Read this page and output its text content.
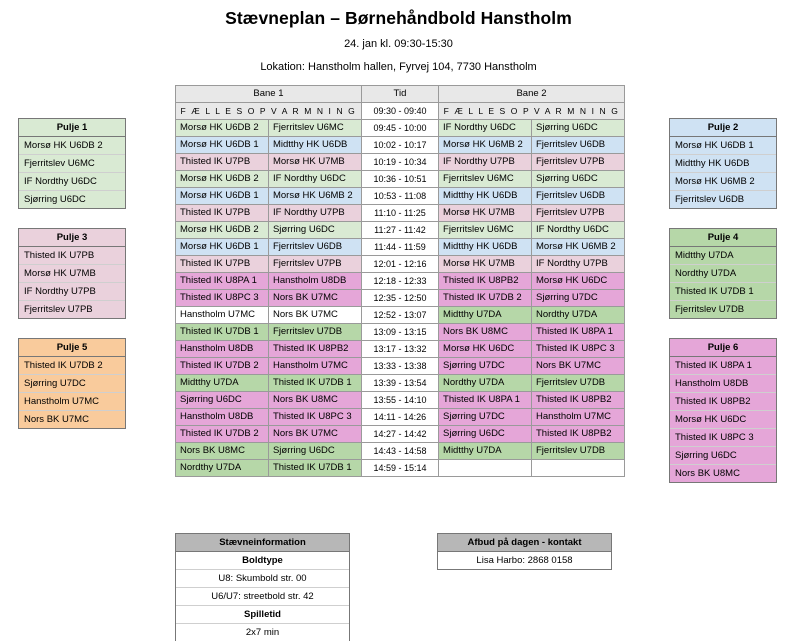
Stævneplan – Børnehåndbold Hanstholm
24. jan kl. 09:30-15:30
Lokation: Hanstholm hallen, Fyrvej 104, 7730 Hanstholm
Bane 1		Tid	Bane 2	
F Æ L L E S O P V A R M N I N G		09:30 - 09:40	F Æ L L E S O P V A R M N I N G	
Morsø HK U6DB 2	Fjerritslev U6MC	09:45 - 10:00	IF Nordthy U6DC	Sjørring U6DC
Morsø HK U6DB 1	Midtthy HK U6DB	10:02 - 10:17	Morsø HK U6MB 2	Fjerritslev U6DB
Thisted IK U7PB	Morsø HK U7MB	10:19 - 10:34	IF Nordthy U7PB	Fjerritslev U7PB
Morsø HK U6DB 2	IF Nordthy U6DC	10:36 - 10:51	Fjerritslev U6MC	Sjørring U6DC
Morsø HK U6DB 1	Morsø HK U6MB 2	10:53 - 11:08	Midtthy HK U6DB	Fjerritslev U6DB
Thisted IK U7PB	IF Nordthy U7PB	11:10 - 11:25	Morsø HK U7MB	Fjerritslev U7PB
Morsø HK U6DB 2	Sjørring U6DC	11:27 - 11:42	Fjerritslev U6MC	IF Nordthy U6DC
Morsø HK U6DB 1	Fjerritslev U6DB	11:44 - 11:59	Midtthy HK U6DB	Morsø HK U6MB 2
Thisted IK U7PB	Fjerritslev U7PB	12:01 - 12:16	Morsø HK U7MB	IF Nordthy U7PB
Thisted IK U8PA 1	Hanstholm U8DB	12:18 - 12:33	Thisted IK U8PB2	Morsø HK U6DC
Thisted IK U8PC 3	Nors BK U7MC	12:35 - 12:50	Thisted IK U7DB 2	Sjørring U7DC
Hanstholm U7MC	Nors BK U7MC	12:52 - 13:07	Midtthy U7DA	Nordthy U7DA
Thisted IK U7DB 1	Fjerritslev U7DB	13:09 - 13:15	Nors BK U8MC	Thisted IK U8PA 1
Hanstholm U8DB	Thisted IK U8PB2	13:17 - 13:32	Morsø HK U6DC	Thisted IK U8PC 3
Thisted IK U7DB 2	Hanstholm U7MC	13:33 - 13:38	Sjørring U7DC	Nors BK U7MC
Midtthy U7DA	Thisted IK U7DB 1	13:39 - 13:54	Nordthy U7DA	Fjerritslev U7DB
Sjørring U6DC	Nors BK U8MC	13:55 - 14:10	Thisted IK U8PA 1	Thisted IK U8PB2
Hanstholm U8DB	Thisted IK U8PC 3	14:11 - 14:26	Sjørring U7DC	Hanstholm U7MC
Thisted IK U7DB 2	Nors BK U7MC	14:27 - 14:42	Sjørring U6DC	Thisted IK U8PB2
Nors BK U8MC	Sjørring U6DC	14:43 - 14:58	Midtthy U7DA	Fjerritslev U7DB
Nordthy U7DA	Thisted IK U7DB 1	14:59 - 15:14		
Pulje 1
Morsø HK U6DB 2
Fjerritslev U6MC
IF Nordthy U6DC
Sjørring U6DC
Pulje 3
Thisted IK U7PB
Morsø HK U7MB
IF Nordthy U7PB
Fjerritslev U7PB
Pulje 5
Thisted IK U7DB 2
Sjørring U7DC
Hanstholm U7MC
Nors BK U7MC
Pulje 2
Morsø HK U6DB 1
Midtthy HK U6DB
Morsø HK U6MB 2
Fjerritslev U6DB
Pulje 4
Midtthy U7DA
Nordthy U7DA
Thisted IK U7DB 1
Fjerritslev U7DB
Pulje 6
Thisted IK U8PA 1
Hanstholm U8DB
Thisted IK U8PB2
Morsø HK U6DC
Thisted IK U8PC 3
Sjørring U6DC
Nors BK U8MC
Stævneinformation
Boldtype
U8: Skumbold str. 00
U6/U7: streetbold str. 42
Spilletid
2x7 min
Afbud på dagen - kontakt
Lisa Harbo: 2868 0158
